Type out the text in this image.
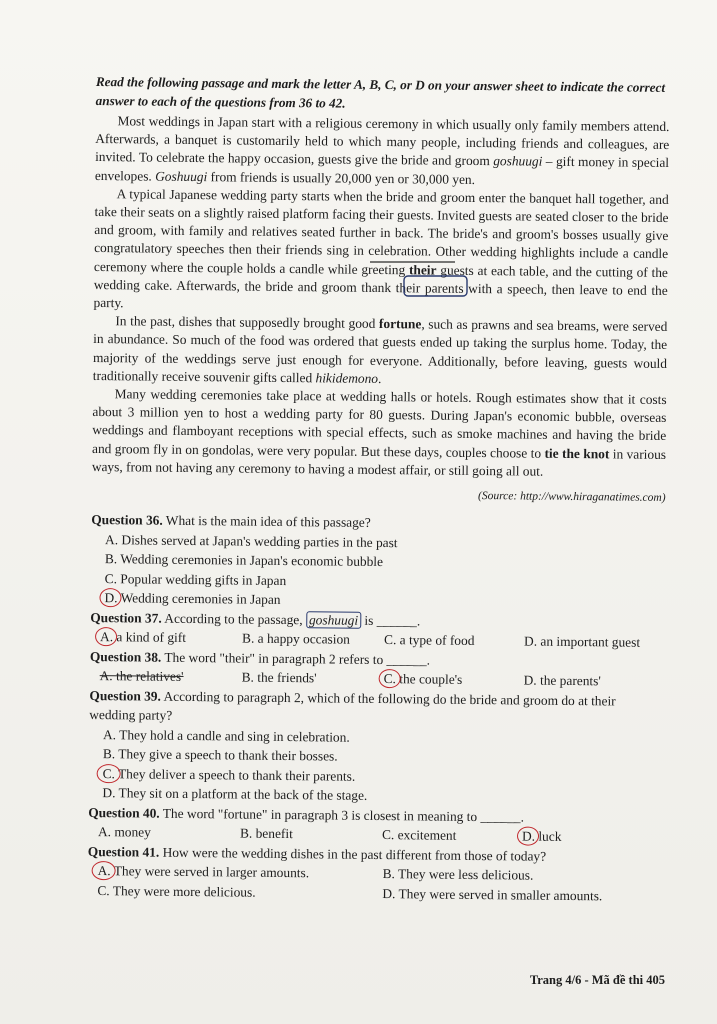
Read the following passage and mark the letter A, B, C, or D on your answer sheet to indicate the correct answer to each of the questions from 36 to 42.

Most weddings in Japan start with a religious ceremony in which usually only family members attend. Afterwards, a banquet is customarily held to which many people, including friends and colleagues, are invited. To celebrate the happy occasion, guests give the bride and groom goshuugi – gift money in special envelopes. Goshuugi from friends is usually 20,000 yen or 30,000 yen.

A typical Japanese wedding party starts when the bride and groom enter the banquet hall together, and take their seats on a slightly raised platform facing their guests. Invited guests are seated closer to the bride and groom, with family and relatives seated further in back. The bride's and groom's bosses usually give congratulatory speeches then their friends sing in celebration. Other wedding highlights include a candle ceremony where the couple holds a candle while greeting their guests at each table, and the cutting of the wedding cake. Afterwards, the bride and groom thank their parents with a speech, then leave to end the party.

In the past, dishes that supposedly brought good fortune, such as prawns and sea breams, were served in abundance. So much of the food was ordered that guests ended up taking the surplus home. Today, the majority of the weddings serve just enough for everyone. Additionally, before leaving, guests would traditionally receive souvenir gifts called hikidemono.

Many wedding ceremonies take place at wedding halls or hotels. Rough estimates show that it costs about 3 million yen to host a wedding party for 80 guests. During Japan's economic bubble, overseas weddings and flamboyant receptions with special effects, such as smoke machines and having the bride and groom fly in on gondolas, were very popular. But these days, couples choose to tie the knot in various ways, from not having any ceremony to having a modest affair, or still going all out.

(Source: http://www.hiraganatimes.com)

Question 36. What is the main idea of this passage?

A. Dishes served at Japan's wedding parties in the past

B. Wedding ceremonies in Japan's economic bubble

C. Popular wedding gifts in Japan

D. Wedding ceremonies in Japan

Question 37. According to the passage, goshuugi is ______.

A. a kind of gift	B. a happy occasion	C. a type of food	D. an important guest

Question 38. The word "their" in paragraph 2 refers to ______.

A. the relatives'	B. the friends'	C. the couple's	D. the parents'

Question 39. According to paragraph 2, which of the following do the bride and groom do at their wedding party?

A. They hold a candle and sing in celebration.

B. They give a speech to thank their bosses.

C. They deliver a speech to thank their parents.

D. They sit on a platform at the back of the stage.

Question 40. The word "fortune" in paragraph 3 is closest in meaning to ______.

A. money	B. benefit	C. excitement	D. luck

Question 41. How were the wedding dishes in the past different from those of today?

A. They were served in larger amounts.	B. They were less delicious.
C. They were more delicious.	D. They were served in smaller amounts.
Trang 4/6 - Mã đề thi 405
